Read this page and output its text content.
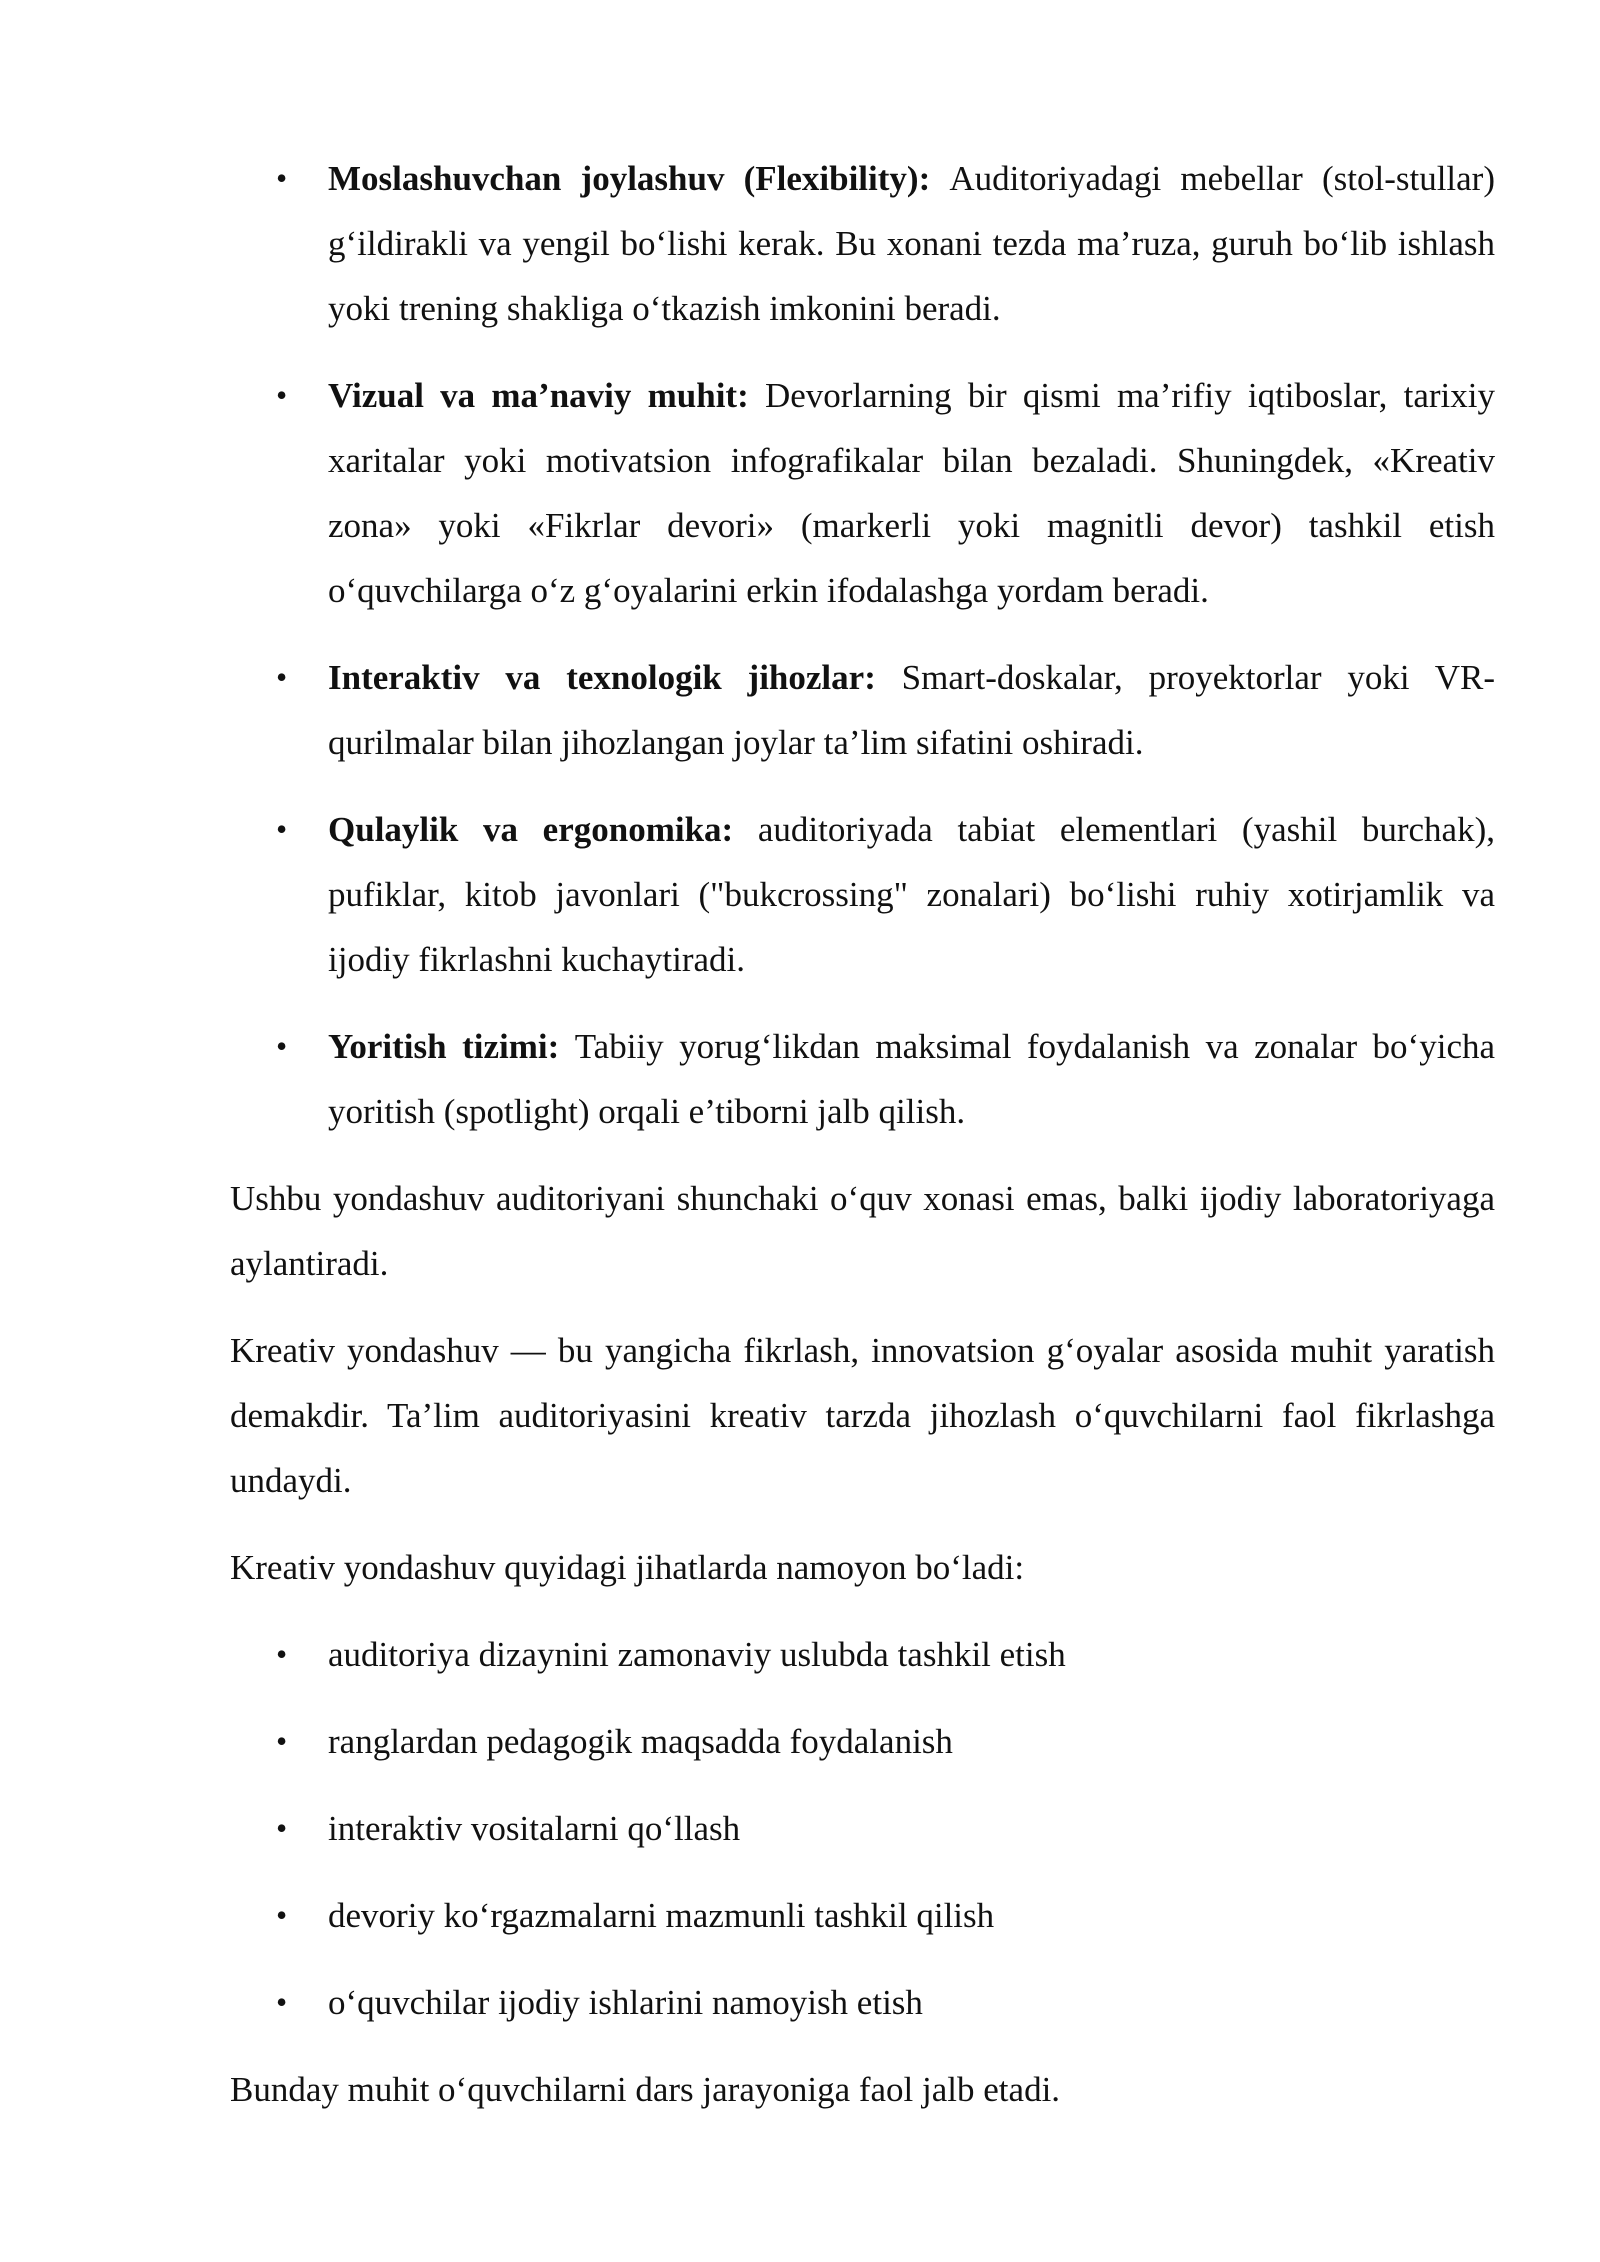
• Moslashuvchan joylashuv (Flexibility): Auditoriyadagi mebellar (stol-stullar) g‘ildirakli va yengil bo‘lishi kerak. Bu xonani tezda ma’ruza, guruh bo‘lib ishlash yoki trening shakliga o‘tkazish imkonini beradi.
• Vizual va ma’naviy muhit: Devorlarning bir qismi ma’rifiy iqtiboslar, tarixiy xaritalar yoki motivatsion infografikalar bilan bezaladi. Shuningdek, «Kreativ zona» yoki «Fikrlar devori» (markerli yoki magnitli devor) tashkil etish o‘quvchilarga o‘z g‘oyalarini erkin ifodalashga yordam beradi.
• Interaktiv va texnologik jihozlar: Smart-doskalar, proyektorlar yoki VR-qurilmalar bilan jihozlangan joylar ta’lim sifatini oshiradi.
• Qulaylik va ergonomika: auditoriyada tabiat elementlari (yashil burchak), pufiklar, kitob javonlari ("bukcrossing" zonalari) bo‘lishi ruhiy xotirjamlik va ijodiy fikrlashni kuchaytiradi.
• Yoritish tizimi: Tabiiy yorug‘likdan maksimal foydalanish va zonalar bo‘yicha yoritish (spotlight) orqali e’tiborni jalb qilish.

Ushbu yondashuv auditoriyani shunchaki o‘quv xonasi emas, balki ijodiy laboratoriyaga aylantiradi.

Kreativ yondashuv — bu yangicha fikrlash, innovatsion g‘oyalar asosida muhit yaratish demakdir. Ta’lim auditoriyasini kreativ tarzda jihozlash o‘quvchilarni faol fikrlashga undaydi.

Kreativ yondashuv quyidagi jihatlarda namoyon bo‘ladi:

• auditoriya dizaynini zamonaviy uslubda tashkil etish
• ranglardan pedagogik maqsadda foydalanish
• interaktiv vositalarni qo‘llash
• devoriy ko‘rgazmalarni mazmunli tashkil qilish
• o‘quvchilar ijodiy ishlarini namoyish etish

Bunday muhit o‘quvchilarni dars jarayoniga faol jalb etadi.
